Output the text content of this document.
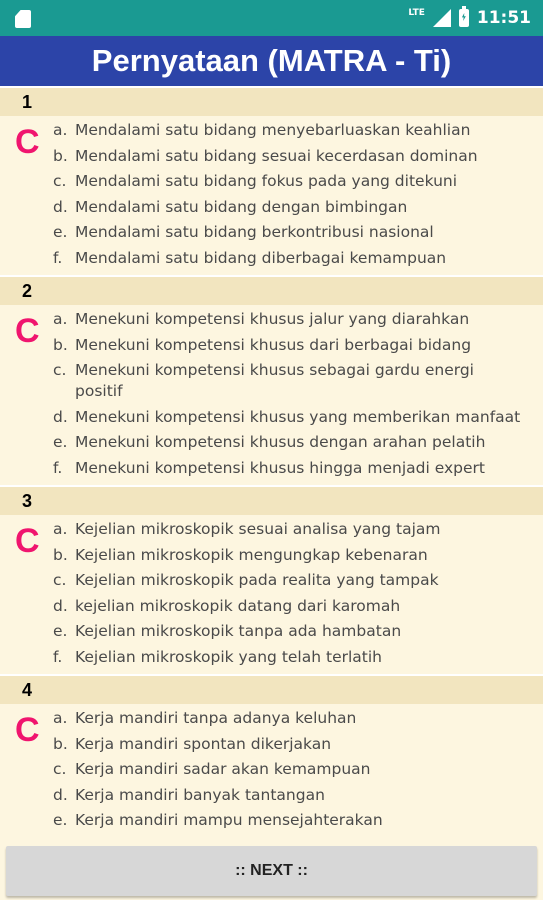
LTE	11:51
Pernyataan (MATRA - Ti)
1
C a. Mendalami satu bidang menyebarluaskan keahlian
b. Mendalami satu bidang sesuai kecerdasan dominan
c. Mendalami satu bidang fokus pada yang ditekuni
d. Mendalami satu bidang dengan bimbingan
e. Mendalami satu bidang berkontribusi nasional
f. Mendalami satu bidang diberbagai kemampuan
2
C a. Menekuni kompetensi khusus jalur yang diarahkan
b. Menekuni kompetensi khusus dari berbagai bidang
c. Menekuni kompetensi khusus sebagai gardu energi positif
d. Menekuni kompetensi khusus yang memberikan manfaat
e. Menekuni kompetensi khusus dengan arahan pelatih
f. Menekuni kompetensi khusus hingga menjadi expert
3
C a. Kejelian mikroskopik sesuai analisa yang tajam
b. Kejelian mikroskopik mengungkap kebenaran
c. Kejelian mikroskopik pada realita yang tampak
d. kejelian mikroskopik datang dari karomah
e. Kejelian mikroskopik tanpa ada hambatan
f. Kejelian mikroskopik yang telah terlatih
4
C a. Kerja mandiri tanpa adanya keluhan
b. Kerja mandiri spontan dikerjakan
c. Kerja mandiri sadar akan kemampuan
d. Kerja mandiri banyak tantangan
e. Kerja mandiri mampu mensejahterakan
:: NEXT ::
